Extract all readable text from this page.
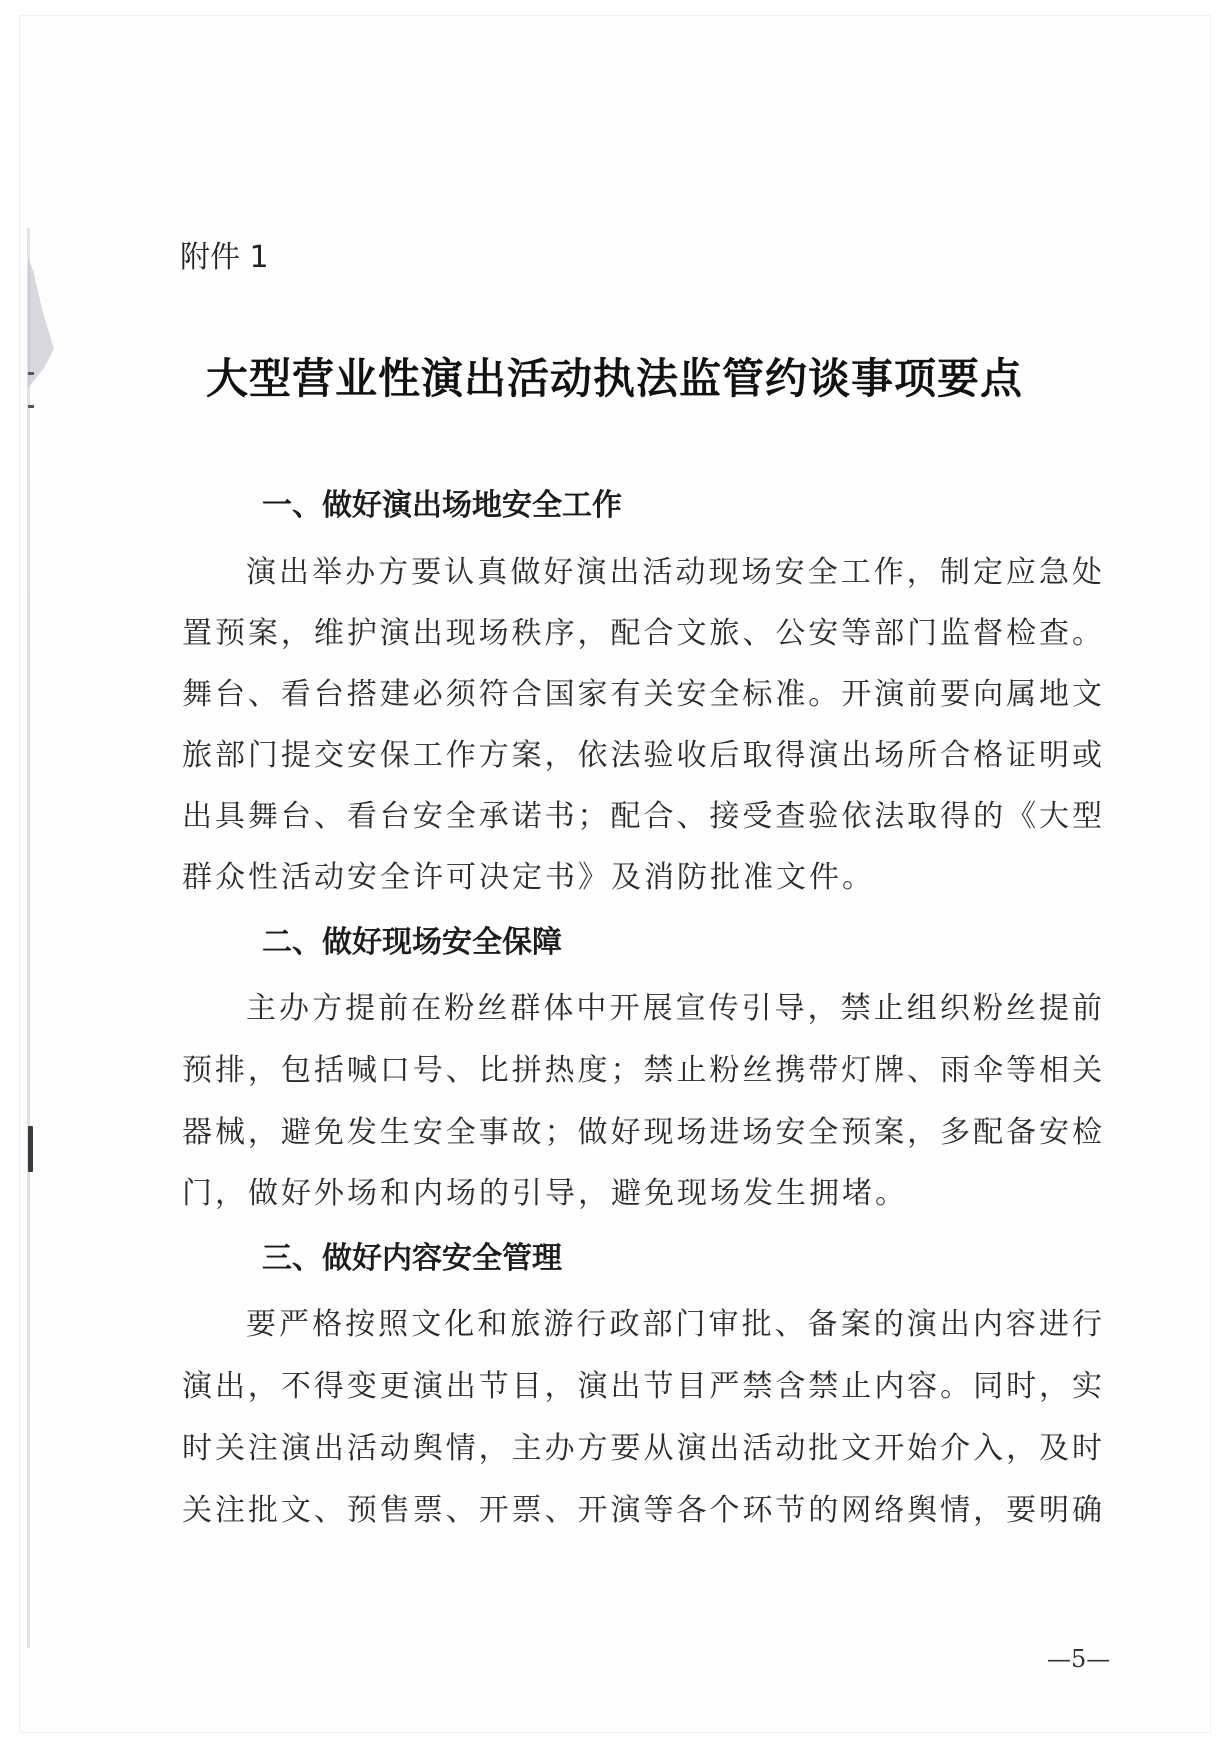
附件 1
大型营业性演出活动执法监管约谈事项要点
一、做好演出场地安全工作
演出举办方要认真做好演出活动现场安全工作，制定应急处
置预案，维护演出现场秩序，配合文旅、公安等部门监督检查。
舞台、看台搭建必须符合国家有关安全标准。开演前要向属地文
旅部门提交安保工作方案，依法验收后取得演出场所合格证明或
出具舞台、看台安全承诺书；配合、接受查验依法取得的《大型
群众性活动安全许可决定书》及消防批准文件。
二、做好现场安全保障
主办方提前在粉丝群体中开展宣传引导，禁止组织粉丝提前
预排，包括喊口号、比拼热度；禁止粉丝携带灯牌、雨伞等相关
器械，避免发生安全事故；做好现场进场安全预案，多配备安检
门，做好外场和内场的引导，避免现场发生拥堵。
三、做好内容安全管理
要严格按照文化和旅游行政部门审批、备案的演出内容进行
演出，不得变更演出节目，演出节目严禁含禁止内容。同时，实
时关注演出活动舆情，主办方要从演出活动批文开始介入，及时
关注批文、预售票、开票、开演等各个环节的网络舆情，要明确
—5—
